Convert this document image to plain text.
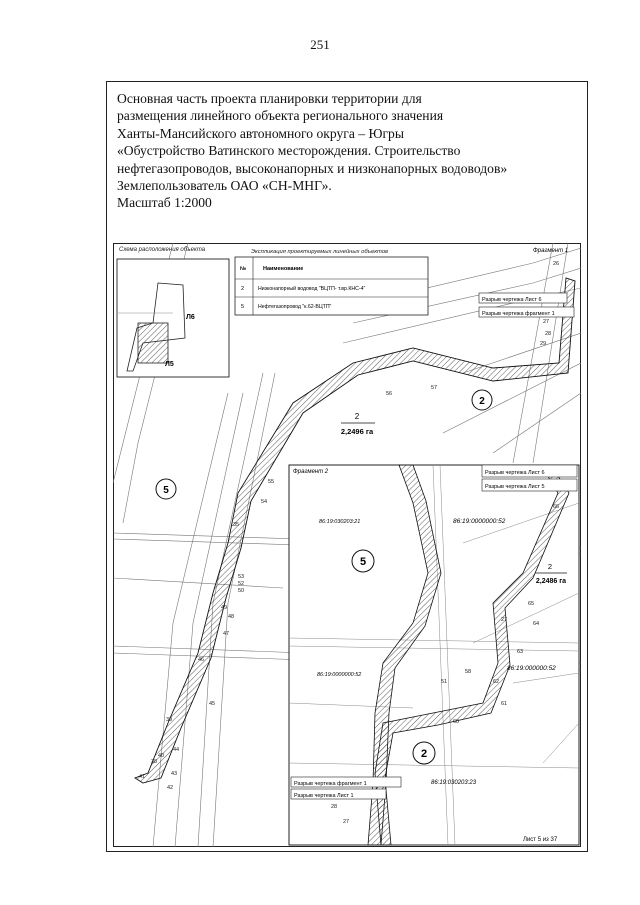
251
Основная часть проекта планировки территории для
размещения линейного объекта регионального значения
Ханты-Мансийского автономного округа – Югры
«Обустройство Ватинского месторождения. Строительство
нефтегазопроводов, высоконапорных и низконапорных водоводов»
Землепользователь ОАО «СН-МНГ».
Масштаб 1:2000
Схема расположения объекта
Л6
Л5
Экспликация проектируемых линейных объектов
№	Наименование
2	Низконапорный водовод "ВЦТП- т.вр.КНС-4"
5	Нефтегазопровод "к.62-ВЦТП"
Фрагмент 1
Разрыв чертежа Лист 6
Разрыв чертежа фрагмент 1
2
2,2496 га
2
5
26
27
28
29
57
56
55
54
35
53
52
50
49
48
47
46
45
39
44
40
38
43
41
42
Фрагмент 2	Разрыв чертежа Лист 6
Разрыв чертежа Лист 5
Разрыв чертежа фрагмент 1
Разрыв чертежа Лист 1
86:19:030203:21	86:19:0000000:52
86:19:000000:52
86:19:0000000:52
86:19:030203:23
2
2,2486 га
5
2
66
65
64
27
63
62
61
60
51
58
28
27
Лист 5 из 37
